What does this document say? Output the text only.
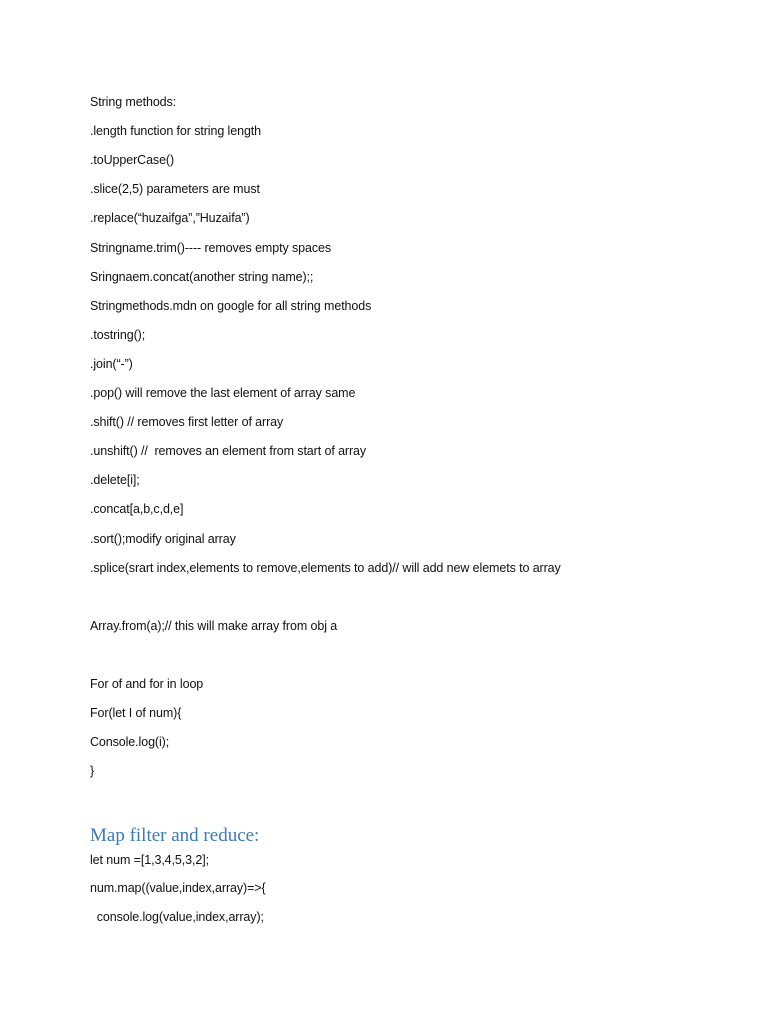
String methods:
.length function for string length
.toUpperCase()
.slice(2,5) parameters are must
.replace(“huzaifga”,”Huzaifa”)
Stringname.trim()---- removes empty spaces
Sringnaem.concat(another string name);;
Stringmethods.mdn on google for all string methods
.tostring();
.join(“-”)
.pop() will remove the last element of array same
.shift() // removes first letter of array
.unshift() //  removes an element from start of array
.delete[i];
.concat[a,b,c,d,e]
.sort();modify original array
.splice(srart index,elements to remove,elements to add)// will add new elemets to array
Array.from(a);// this will make array from obj a
For of and for in loop
For(let I of num){
Console.log(i);
}
Map filter and reduce:
let num =[1,3,4,5,3,2];
num.map((value,index,array)=>{
console.log(value,index,array);
